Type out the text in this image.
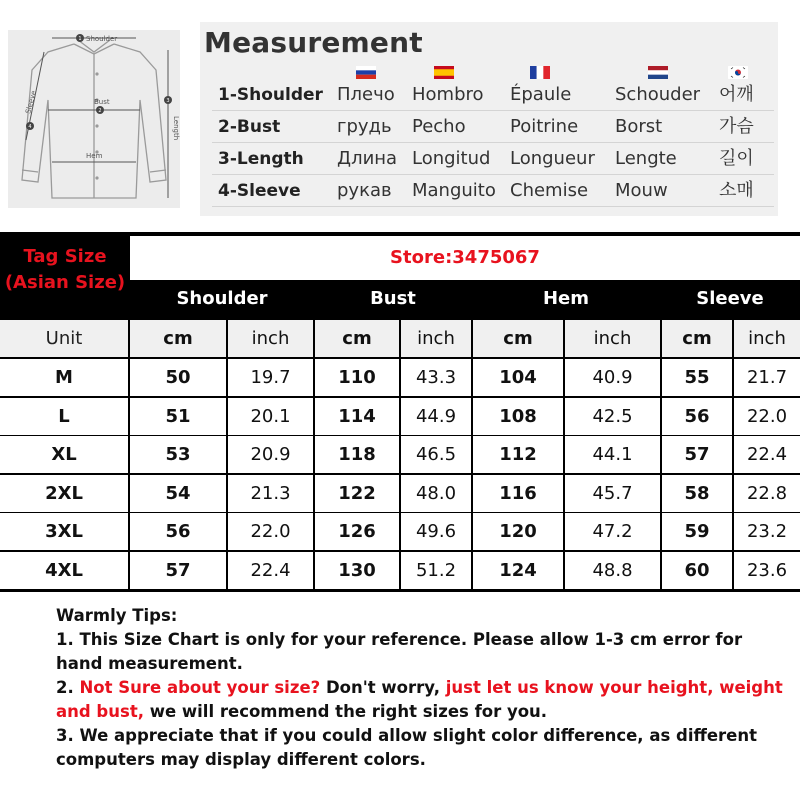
1
2
3
4
Shoulder
Bust
Hem
Length
Sleeve
Measurement
1-Shoulder Плечо Hombro Épaule Schouder 어깨
2-Bust	грудь Pecho Poitrine Borst	가슴
3-Length Длина Longitud Longueur Lengte 길이
4-Sleeve рукав Manguito Chemise Mouw	소매
Tag Size
(Asian Size)
Store:3475067
Shoulder	Bust	Hem	Sleeve
Unit	cm	inch	cm	inch	cm	inch	cm	inch
M	50	19.7	110	43.3	104	40.9	55	21.7
L	51	20.1	114	44.9	108	42.5	56	22.0
XL	53	20.9	118	46.5	112	44.1	57	22.4
2XL	54	21.3	122	48.0	116	45.7	58	22.8
3XL	56	22.0	126	49.6	120	47.2	59	23.2
4XL	57	22.4	130	51.2	124	48.8	60	23.6

Warmly Tips:

1. This Size Chart is only for your reference. Please allow 1-3 cm error for hand measurement.

2. Not Sure about your size? Don't worry, just let us know your height, weight and bust, we will recommend the right sizes for you.

3. We appreciate that if you could allow slight color difference, as different computers may display different colors.
